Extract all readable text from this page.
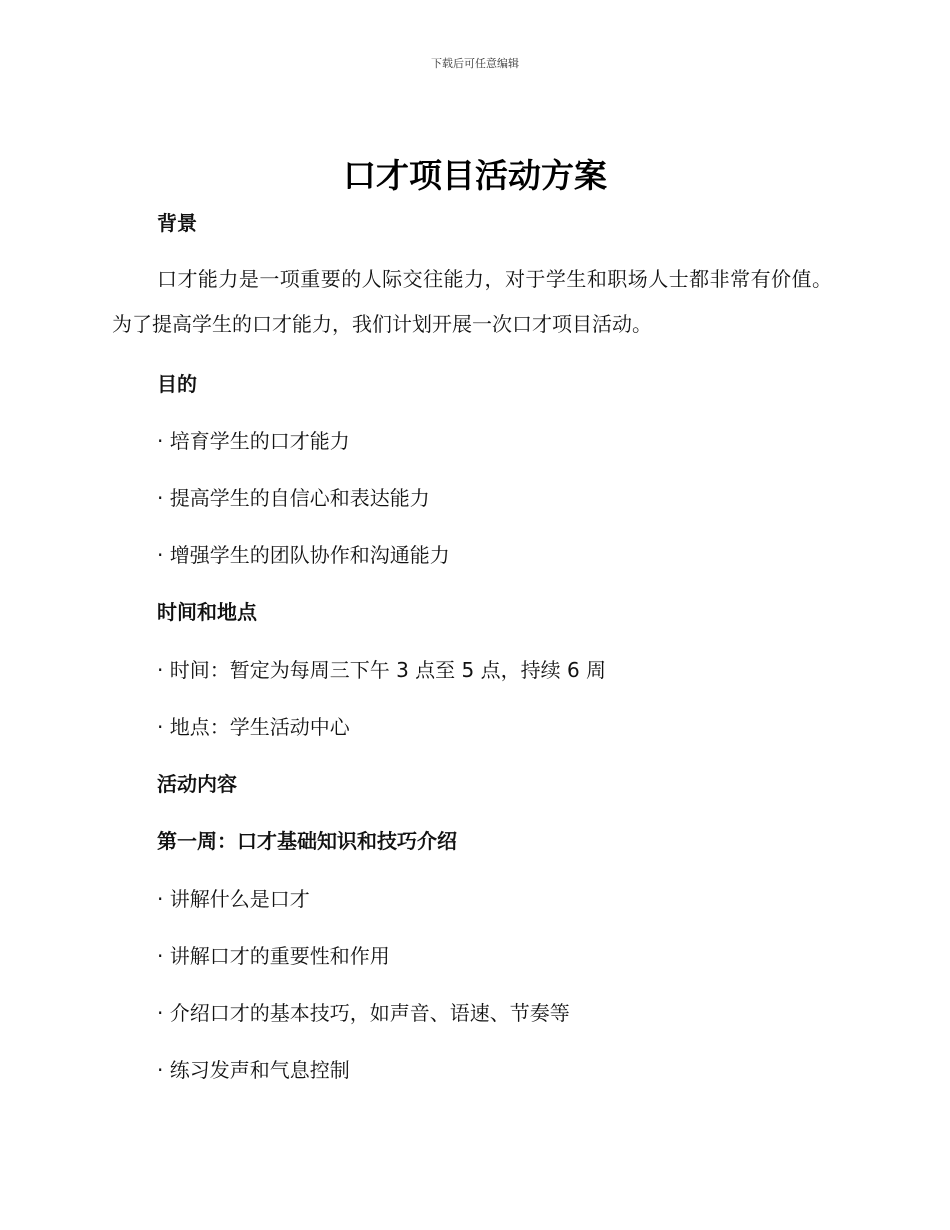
下载后可任意编辑
口才项目活动方案
背景
口才能力是一项重要的人际交往能力，对于学生和职场人士都非常有价值。为了提高学生的口才能力，我们计划开展一次口才项目活动。
目的
· 培育学生的口才能力
· 提高学生的自信心和表达能力
· 增强学生的团队协作和沟通能力
时间和地点
· 时间：暂定为每周三下午 3 点至 5 点，持续 6 周
· 地点：学生活动中心
活动内容
第一周：口才基础知识和技巧介绍
· 讲解什么是口才
· 讲解口才的重要性和作用
· 介绍口才的基本技巧，如声音、语速、节奏等
· 练习发声和气息控制
